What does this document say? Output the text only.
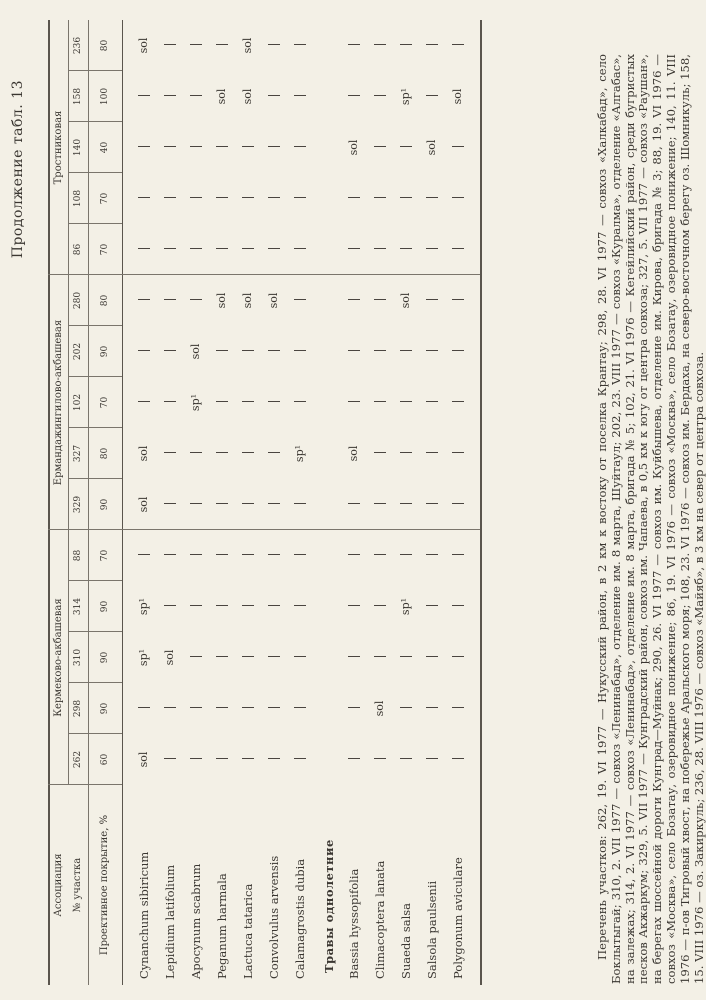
Продолжение табл. 13
Ассоциация № участка Проективное покрытие, %
Кермеково-акбашевая
Ермандажингилово-акбашевая
Тростниковая
262 60
298 90
310 90
314 90
88 70
329 90
327 80
102 70
202 90
280 80
86 70
108 70
140 40
158 100
236 80
Cynanchum sibiricum
sol
sp¹
sp¹
sol
sol
sol
Lepidium latifolium
sol
Apocynum scabrum
sp¹
sol
Peganum harmala
sol
sol
Lactuca tatarica
sol
sol
sol
Convolvulus arvensis
sol
Calamagrostis dubia
sp¹
Травы однолетние Bassia hyssopifolia
sol
sol
Climacoptera lanata
sol
Suaeda salsa
sp¹
sol
sp¹
Salsola paulsenii
sol
Polygonum aviculare
sol	Перечень участков: 262, 19. VI 1977 — Нукусский район, в 2 км к востоку от поселка Крантау; 298, 28. VI 1977 — совхоз «Халкабад», село Боклытыгай; 310, 2. VII 1977 — совхоз «Ленинабад», отделение им. 8 марта, Шуйтаул; 202, 23. VIII 1977 — совхоз «Куралма», отделение «Алгабас», на залежах; 314, 2. VI 1977 — совхоз «Ленинабад», отделение им. 8 марта, бригада № 5; 102, 21. VI 1976 — Кегейлийский район, среди бугристых песков Акжаркум; 329, 5. VII 1977 — Кунградский район, совхоз им. Чапаева, в 0,5 км к югу от центра совхоза; 327, 5. VII 1977 — совхоз «Раушан», на берегах шоссейной дороги Кунград—Муйнак; 290, 26. VI 1977 — совхоз им. Куйбышева, отделение им. Кирова, бригада № 3; 88, 19. VI 1976 — совхоз «Москва», село Бозатау, озеровидное понижение; 86, 19. VI 1976 — совхоз «Москва», село Бозатау, озеровидное понижение; 140, 11. VIII 1976 — п-ов Тигровый хвост, на побережье Аральского моря; 108, 23. VI 1976 — совхоз им. Бердаха, на северо-восточном берегу оз. Шомникуль; 158, 15. VIII 1976 — оз. Закиркуль; 236, 28. VIII 1976 — совхоз «Майяб», в 3 км на север от центра совхоза.
